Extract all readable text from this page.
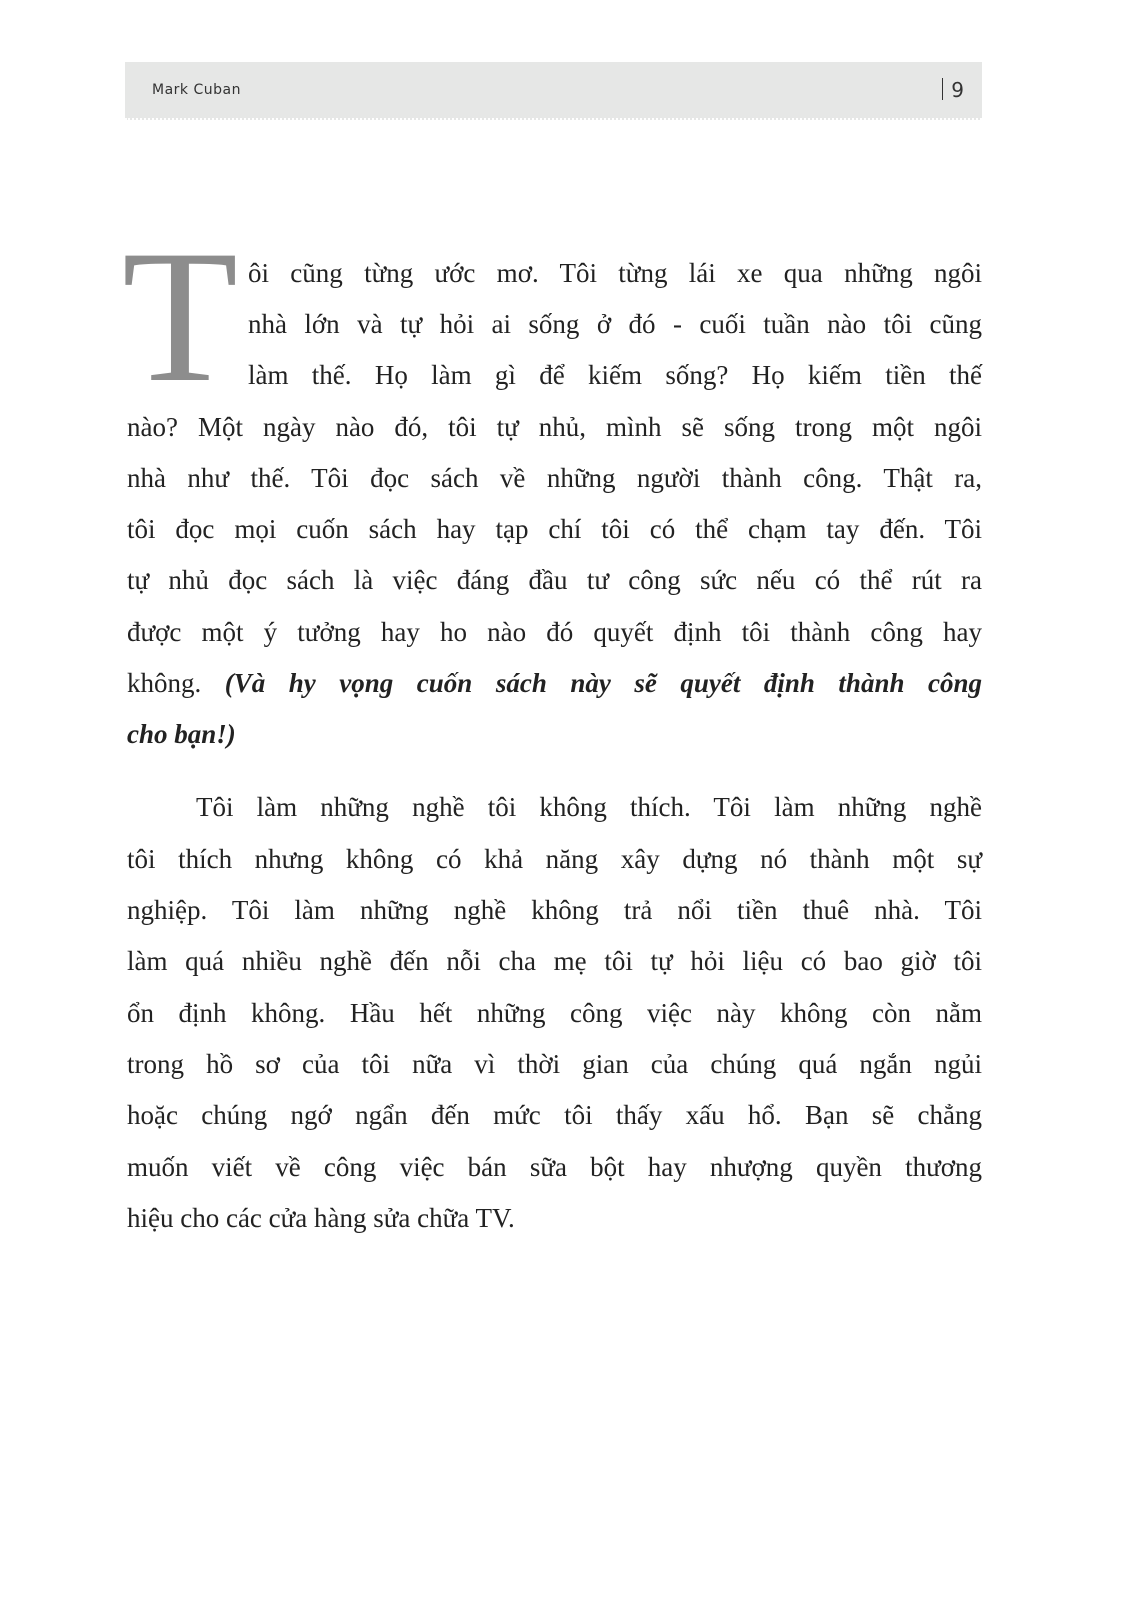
Mark Cuban	9
T ôi cũng từng ước mơ. Tôi từng lái xe qua những ngôi
nhà lớn và tự hỏi ai sống ở đó - cuối tuần nào tôi cũng
làm thế. Họ làm gì để kiếm sống? Họ kiếm tiền thế
nào? Một ngày nào đó, tôi tự nhủ, mình sẽ sống trong một ngôi
nhà như thế. Tôi đọc sách về những người thành công. Thật ra,
tôi đọc mọi cuốn sách hay tạp chí tôi có thể chạm tay đến. Tôi
tự nhủ đọc sách là việc đáng đầu tư công sức nếu có thể rút ra
được một ý tưởng hay ho nào đó quyết định tôi thành công hay
không. (Và hy vọng cuốn sách này sẽ quyết định thành công
cho bạn!)
Tôi làm những nghề tôi không thích. Tôi làm những nghề
tôi thích nhưng không có khả năng xây dựng nó thành một sự
nghiệp. Tôi làm những nghề không trả nổi tiền thuê nhà. Tôi
làm quá nhiều nghề đến nỗi cha mẹ tôi tự hỏi liệu có bao giờ tôi
ổn định không. Hầu hết những công việc này không còn nằm
trong hồ sơ của tôi nữa vì thời gian của chúng quá ngắn ngủi
hoặc chúng ngớ ngẩn đến mức tôi thấy xấu hổ. Bạn sẽ chẳng
muốn viết về công việc bán sữa bột hay nhượng quyền thương
hiệu cho các cửa hàng sửa chữa TV.
